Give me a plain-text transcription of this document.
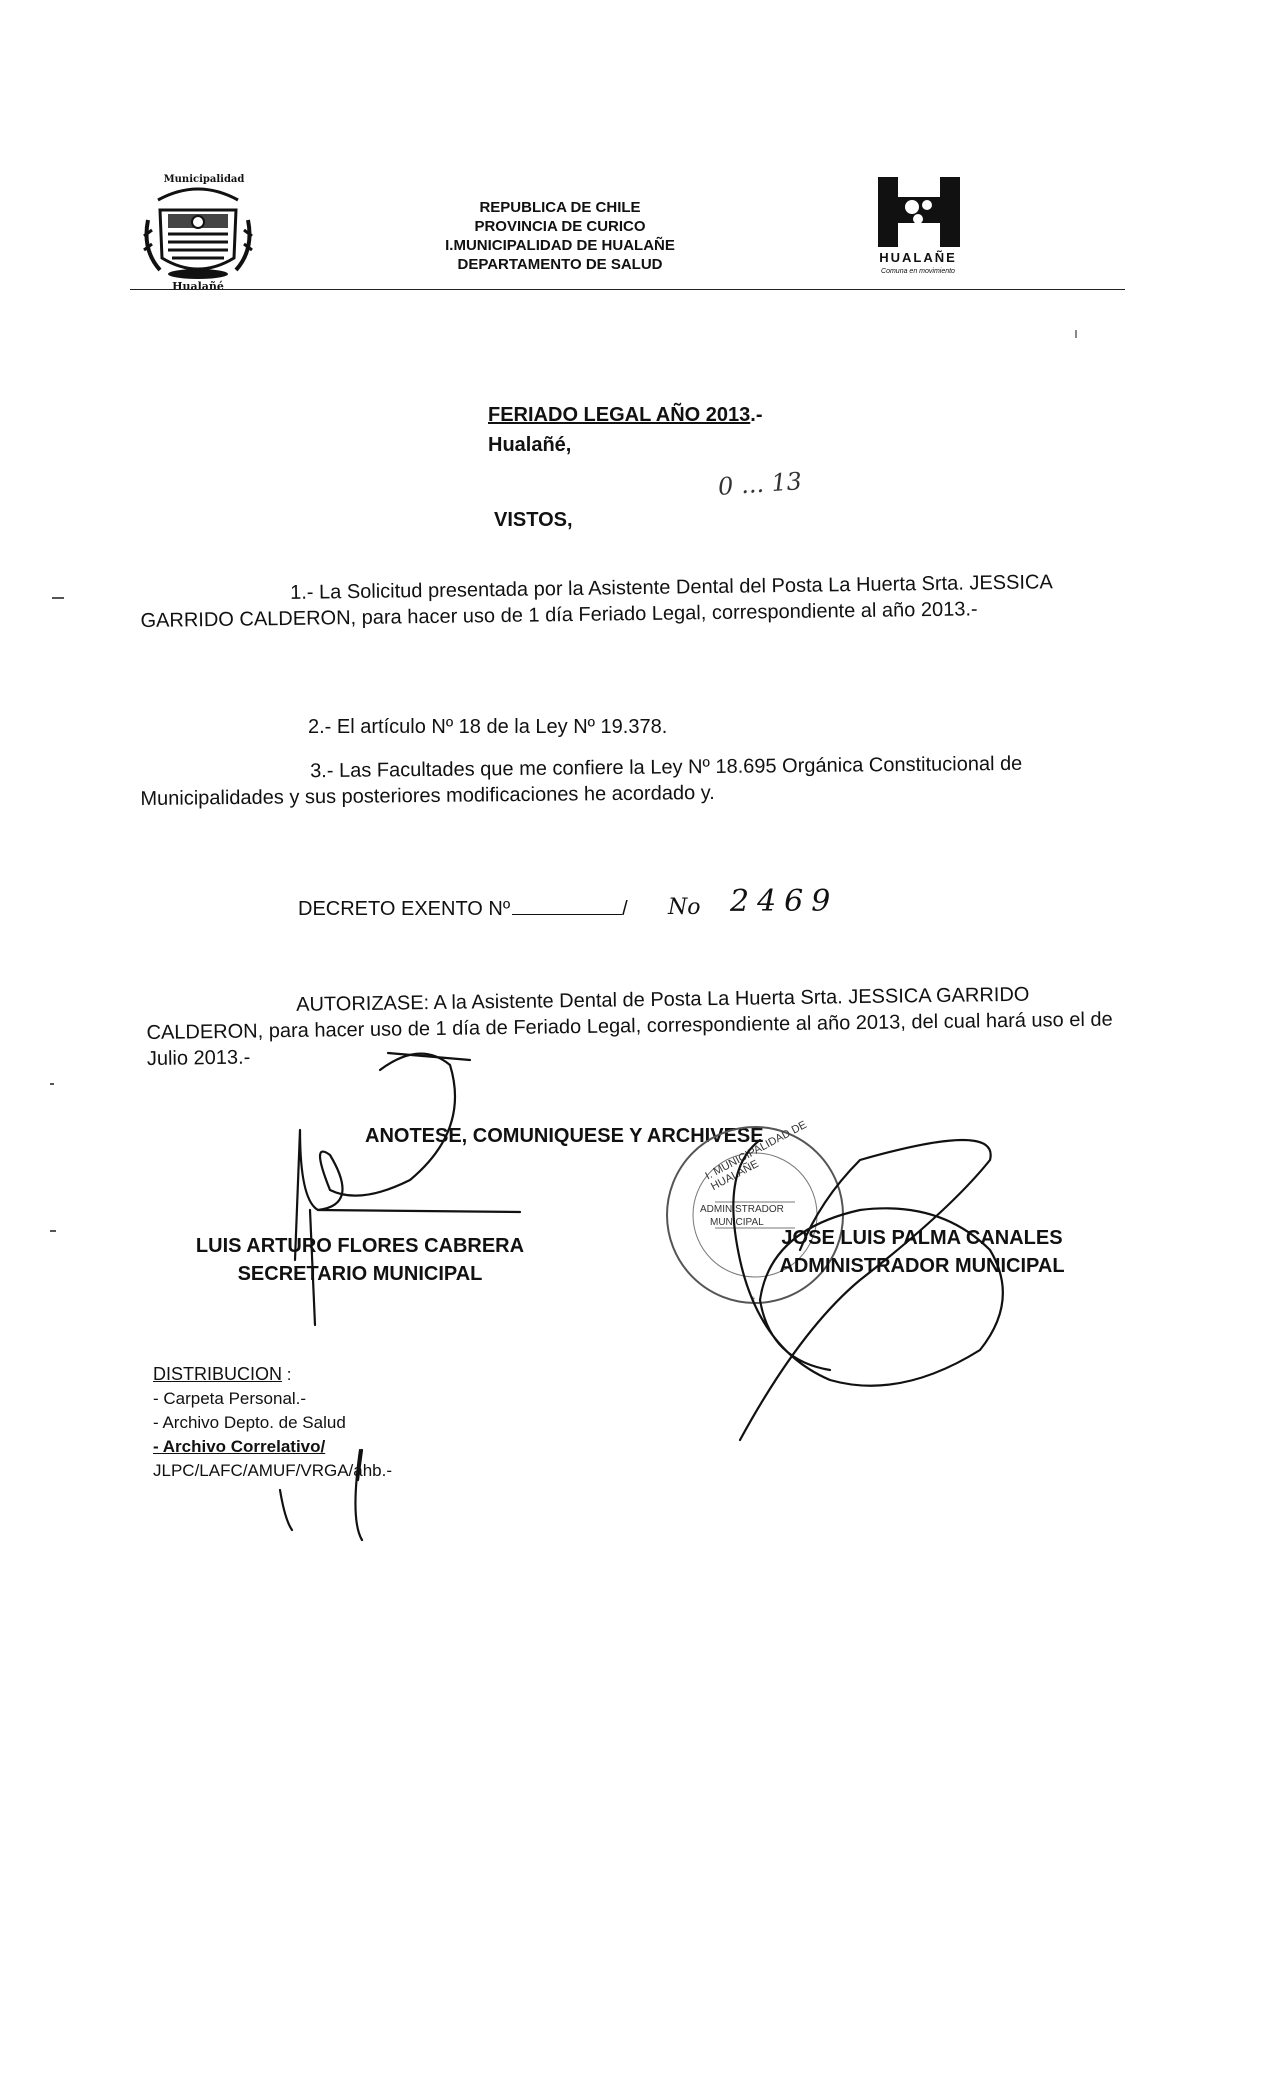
Municipalidad
Hualañé
REPUBLICA DE CHILE
PROVINCIA DE CURICO
I.MUNICIPALIDAD DE HUALAÑE
DEPARTAMENTO DE SALUD	HUALAÑE
Comuna en movimiento
FERIADO LEGAL AÑO 2013.-
Hualañé,
0 ... 13
VISTOS,
1.- La Solicitud presentada por la Asistente Dental del Posta La Huerta Srta. JESSICA GARRIDO CALDERON, para hacer uso de 1 día Feriado Legal, correspondiente al año 2013.-
2.- El artículo Nº 18 de la Ley Nº 19.378.
3.- Las Facultades que me confiere la Ley Nº 18.695 Orgánica Constitucional de Municipalidades y sus posteriores modificaciones he acordado y.
DECRETO EXENTO Nº	/ No 2469
AUTORIZASE: A la Asistente Dental de Posta La Huerta Srta. JESSICA GARRIDO CALDERON, para hacer uso de 1 día de Feriado Legal, correspondiente al año 2013, del cual hará uso el de Julio 2013.-
ANOTESE, COMUNIQUESE Y ARCHIVESE
*
I. MUNICIPALIDAD DE HUALAÑE
ADMINISTRADOR
MUNICIPAL
LUIS ARTURO FLORES CABRERA
SECRETARIO MUNICIPAL
JOSE LUIS PALMA CANALES
ADMINISTRADOR MUNICIPAL
DISTRIBUCION :
- Carpeta Personal.-
- Archivo Depto. de Salud
- Archivo Correlativo/
JLPC/LAFC/AMUF/VRGA/ahb.-
